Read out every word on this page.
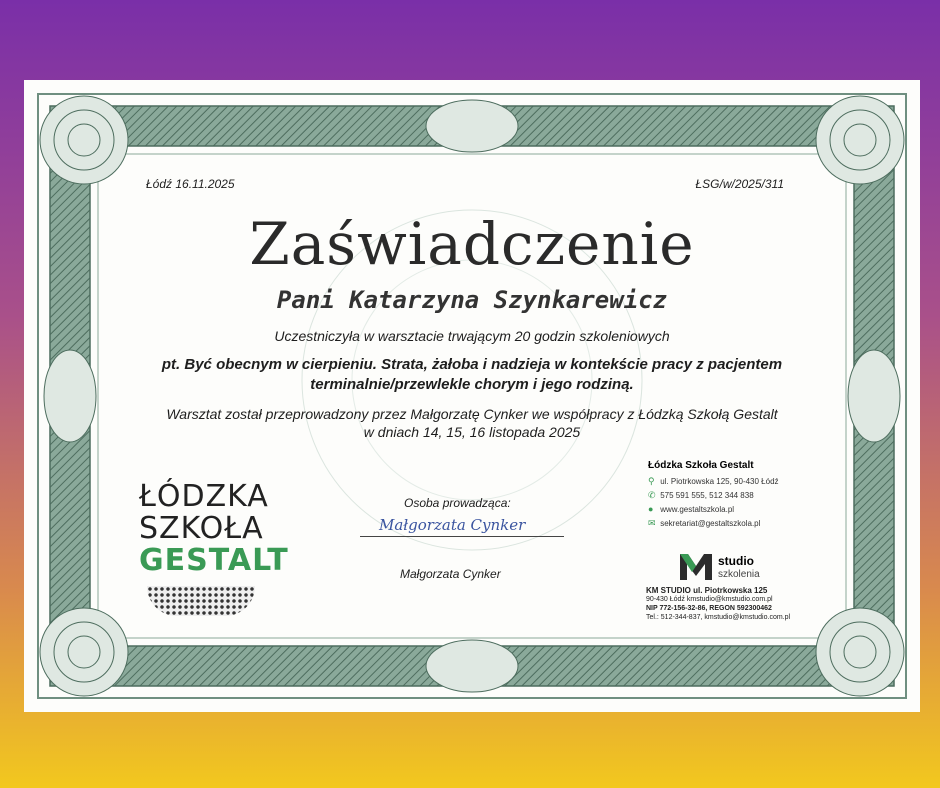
Łódź 16.11.2025	ŁSG/w/2025/311
Zaświadczenie
Pani Katarzyna Szynkarewicz
Uczestniczyła w warsztacie trwającym 20 godzin szkoleniowych
pt. Być obecnym w cierpieniu. Strata, żałoba i nadzieja w kontekście pracy z pacjentem
terminalnie/przewlekle chorym i jego rodziną.
Warsztat został przeprowadzony przez Małgorzatę Cynker we współpracy z Łódzką Szkołą Gestalt
w dniach 14, 15, 16 listopada 2025
Osoba prowadząca:
Małgorzata Cynker
Małgorzata Cynker
ŁÓDZKA
SZKOŁA
GESTALT
Łódzka Szkoła Gestalt
⚲ ul. Piotrkowska 125, 90-430 Łódź
✆ 575 591 555, 512 344 838
● www.gestaltszkola.pl
✉ sekretariat@gestaltszkola.pl
studio
szkolenia
KM STUDIO ul. Piotrkowska 125
90-430 Łódź kmstudio@kmstudio.com.pl
NIP 772-156-32-86, REGON 592300462
Tel.: 512-344-837, kmstudio@kmstudio.com.pl
